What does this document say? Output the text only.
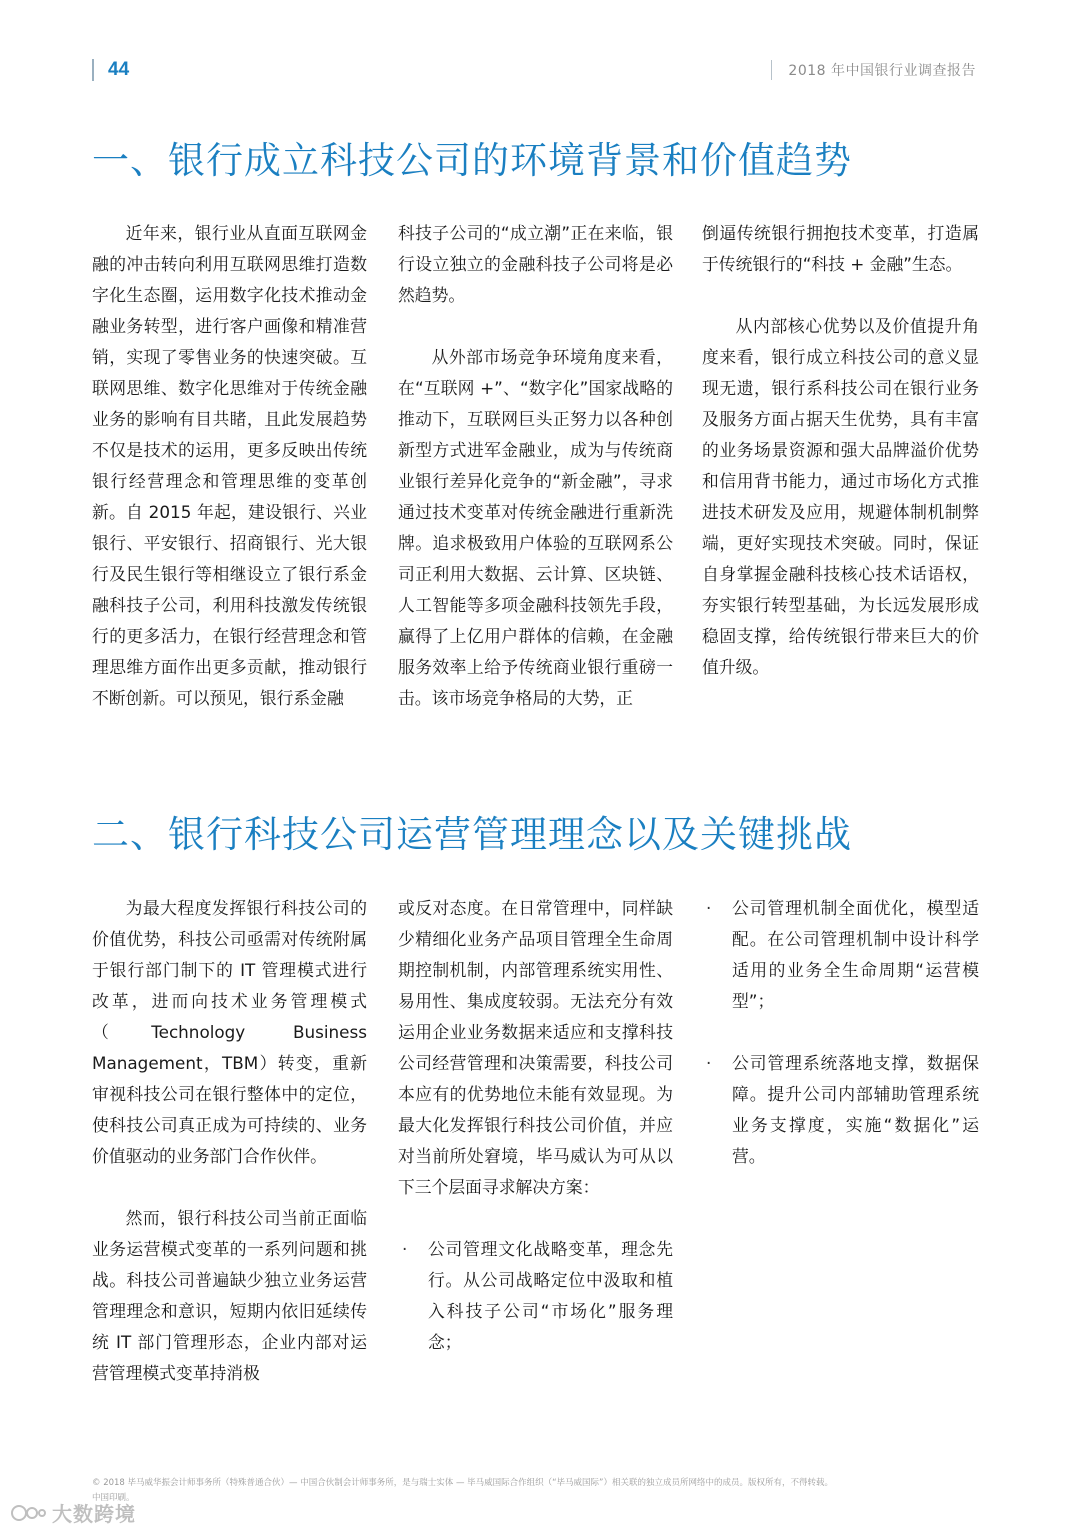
44	2018 年中国银行业调查报告
一、银行成立科技公司的环境背景和价值趋势

近年来，银行业从直面互联网金融的冲击转向利用互联网思维打造数字化生态圈，运用数字化技术推动金融业务转型，进行客户画像和精准营销，实现了零售业务的快速突破。互联网思维、数字化思维对于传统金融业务的影响有目共睹，且此发展趋势不仅是技术的运用，更多反映出传统银行经营理念和管理思维的变革创新。自 2015 年起，建设银行、兴业银行、平安银行、招商银行、光大银行及民生银行等相继设立了银行系金融科技子公司，利用科技激发传统银行的更多活力，在银行经营理念和管理思维方面作出更多贡献，推动银行不断创新。可以预见，银行系金融

科技子公司的“成立潮”正在来临，银行设立独立的金融科技子公司将是必然趋势。

从外部市场竞争环境角度来看，在“互联网 +”、“数字化”国家战略的推动下，互联网巨头正努力以各种创新型方式进军金融业，成为与传统商业银行差异化竞争的“新金融”，寻求通过技术变革对传统金融进行重新洗牌。追求极致用户体验的互联网系公司正利用大数据、云计算、区块链、人工智能等多项金融科技领先手段，赢得了上亿用户群体的信赖，在金融服务效率上给予传统商业银行重磅一击。该市场竞争格局的大势，正

倒逼传统银行拥抱技术变革，打造属于传统银行的“科技 + 金融”生态。

从内部核心优势以及价值提升角度来看，银行成立科技公司的意义显现无遗，银行系科技公司在银行业务及服务方面占据天生优势，具有丰富的业务场景资源和强大品牌溢价优势和信用背书能力，通过市场化方式推进技术研发及应用，规避体制机制弊端，更好实现技术突破。同时，保证自身掌握金融科技核心技术话语权，夯实银行转型基础，为长远发展形成稳固支撑，给传统银行带来巨大的价值升级。

二、银行科技公司运营管理理念以及关键挑战

为最大程度发挥银行科技公司的价值优势，科技公司亟需对传统附属于银行部门制下的 IT 管理模式进行改革，进而向技术业务管理模式（Technology Business Management，TBM）转变，重新审视科技公司在银行整体中的定位，使科技公司真正成为可持续的、业务价值驱动的业务部门合作伙伴。

然而，银行科技公司当前正面临业务运营模式变革的一系列问题和挑战。科技公司普遍缺少独立业务运营管理理念和意识，短期内依旧延续传统 IT 部门管理形态，企业内部对运营管理模式变革持消极

或反对态度。在日常管理中，同样缺少精细化业务产品项目管理全生命周期控制机制，内部管理系统实用性、易用性、集成度较弱。无法充分有效运用企业业务数据来适应和支撑科技公司经营管理和决策需要，科技公司本应有的优势地位未能有效显现。为最大化发挥银行科技公司价值，并应对当前所处窘境，毕马威认为可从以下三个层面寻求解决方案：

· 公司管理文化战略变革，理念先行。从公司战略定位中汲取和植入科技子公司“市场化”服务理念；
· 公司管理机制全面优化，模型适配。在公司管理机制中设计科学适用的业务全生命周期“运营模型”；
· 公司管理系统落地支撑，数据保障。提升公司内部辅助管理系统业务支撑度，实施“数据化”运营。
© 2018 毕马威华振会计师事务所（特殊普通合伙）— 中国合伙制会计师事务所，是与瑞士实体 — 毕马威国际合作组织（“毕马威国际”）相关联的独立成员所网络中的成员。版权所有，不得转载。
中国印刷。
大数跨境
